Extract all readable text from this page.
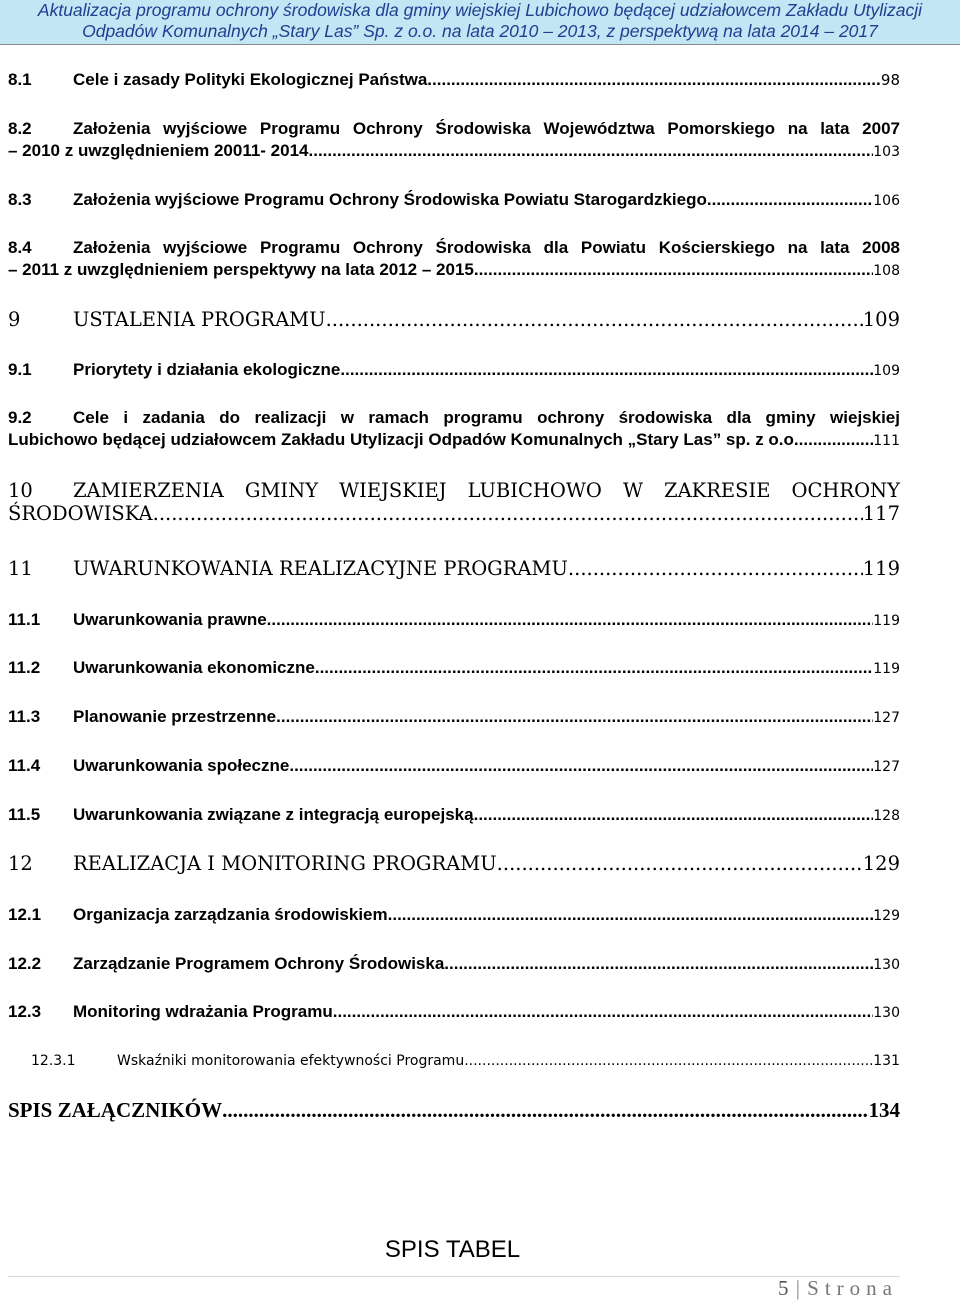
Aktualizacja programu ochrony środowiska dla gminy wiejskiej Lubichowo będącej udziałowcem Zakładu Utylizacji
Odpadów Komunalnych „Stary Las” Sp. z o.o. na lata 2010 – 2013, z perspektywą na lata 2014 – 2017
8.1	Cele i zasady Polityki Ekologicznej Państwa .....	98
8.2	Założenia wyjściowe Programu Ochrony Środowiska Województwa Pomorskiego na lata 2007
– 2010 z uwzględnieniem 20011- 2014. .....	103
8.3	Założenia wyjściowe Programu Ochrony Środowiska Powiatu Starogardzkiego .....	106
8.4	Założenia wyjściowe Programu Ochrony Środowiska dla Powiatu Kościerskiego na lata 2008
– 2011 z uwzględnieniem perspektywy na lata 2012 – 2015 .....	108
9	USTALENIA PROGRAMU .....	109
9.1	Priorytety i działania ekologiczne .....	109
9.2	Cele i zadania do realizacji w ramach programu ochrony środowiska dla gminy wiejskiej
Lubichowo będącej udziałowcem Zakładu Utylizacji Odpadów Komunalnych „Stary Las” sp. z o.o. .....	111
10	ZAMIERZENIA GMINY WIEJSKIEJ LUBICHOWO W ZAKRESIE OCHRONY
ŚRODOWISKA .....	117
11	UWARUNKOWANIA REALIZACYJNE PROGRAMU .....	119
11.1	Uwarunkowania prawne .....	119
11.2	Uwarunkowania ekonomiczne .....	119
11.3	Planowanie przestrzenne .....	127
11.4	Uwarunkowania społeczne .....	127
11.5	Uwarunkowania związane z integracją europejską .....	128
12	REALIZACJA I MONITORING PROGRAMU .....	129
12.1	Organizacja zarządzania środowiskiem .....	129
12.2	Zarządzanie Programem Ochrony Środowiska .....	130
12.3	Monitoring wdrażania Programu .....	130
12.3.1	Wskaźniki monitorowania efektywności Programu .....	131
SPIS ZAŁĄCZNIKÓW .....	134
SPIS TABEL
5 | Strona
